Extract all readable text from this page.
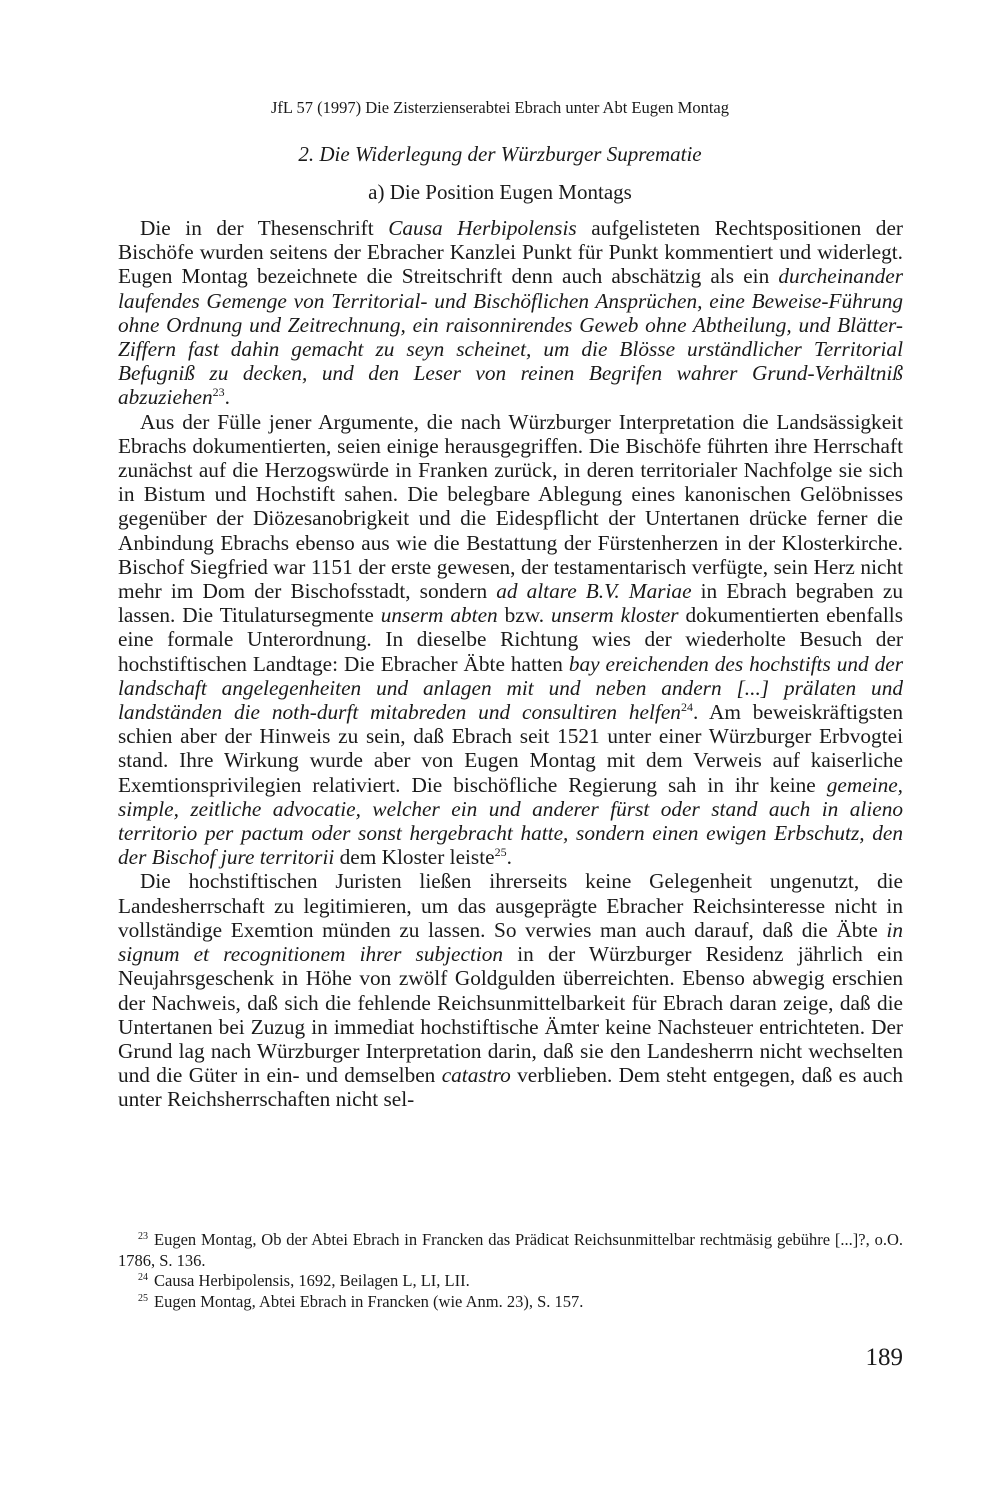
JfL 57 (1997) Die Zisterzienserabtei Ebrach unter Abt Eugen Montag
2. Die Widerlegung der Würzburger Suprematie
a) Die Position Eugen Montags

Die in der Thesenschrift Causa Herbipolensis aufgelisteten Rechtspositionen der Bischöfe wurden seitens der Ebracher Kanzlei Punkt für Punkt kommentiert und widerlegt. Eugen Montag bezeichnete die Streitschrift denn auch abschätzig als ein durcheinander laufendes Gemenge von Territorial- und Bischöflichen Ansprüchen, eine Beweise-Führung ohne Ordnung und Zeitrechnung, ein raisonnirendes Geweb ohne Abtheilung, und Blätter-Ziffern fast dahin gemacht zu seyn scheinet, um die Blösse urständlicher Territorial Befugniß zu decken, und den Leser von reinen Begrifen wahrer Grund-Verhältniß abzuziehen$^{23}$.

Aus der Fülle jener Argumente, die nach Würzburger Interpretation die Landsässigkeit Ebrachs dokumentierten, seien einige herausgegriffen. Die Bischöfe führten ihre Herrschaft zunächst auf die Herzogswürde in Franken zurück, in deren territorialer Nachfolge sie sich in Bistum und Hochstift sahen. Die belegbare Ablegung eines kanonischen Gelöbnisses gegenüber der Diözesanobrigkeit und die Eidespflicht der Untertanen drücke ferner die Anbindung Ebrachs ebenso aus wie die Bestattung der Fürstenherzen in der Klosterkirche. Bischof Siegfried war 1151 der erste gewesen, der testamentarisch verfügte, sein Herz nicht mehr im Dom der Bischofsstadt, sondern ad altare B.V. Mariae in Ebrach begraben zu lassen. Die Titulatursegmente unserm abten bzw. unserm kloster dokumentierten ebenfalls eine formale Unterordnung. In dieselbe Richtung wies der wiederholte Besuch der hochstiftischen Landtage: Die Ebracher Äbte hatten bay ereichenden des hochstifts und der landschaft angelegenheiten und anlagen mit und neben andern [...] prälaten und landständen die noth-durft mitabreden und consultiren helfen$^{24}$. Am beweiskräftigsten schien aber der Hinweis zu sein, daß Ebrach seit 1521 unter einer Würzburger Erbvogtei stand. Ihre Wirkung wurde aber von Eugen Montag mit dem Verweis auf kaiserliche Exemtionsprivilegien relativiert. Die bischöfliche Regierung sah in ihr keine gemeine, simple, zeitliche advocatie, welcher ein und anderer fürst oder stand auch in alieno territorio per pactum oder sonst hergebracht hatte, sondern einen ewigen Erbschutz, den der Bischof jure territorii dem Kloster leiste$^{25}$.

Die hochstiftischen Juristen ließen ihrerseits keine Gelegenheit ungenutzt, die Landesherrschaft zu legitimieren, um das ausgeprägte Ebracher Reichsinteresse nicht in vollständige Exemtion münden zu lassen. So verwies man auch darauf, daß die Äbte in signum et recognitionem ihrer subjection in der Würzburger Residenz jährlich ein Neujahrsgeschenk in Höhe von zwölf Goldgulden überreichten. Ebenso abwegig erschien der Nachweis, daß sich die fehlende Reichsunmittelbarkeit für Ebrach daran zeige, daß die Untertanen bei Zuzug in immediat hochstiftische Ämter keine Nachsteuer entrichteten. Der Grund lag nach Würzburger Interpretation darin, daß sie den Landesherrn nicht wechselten und die Güter in ein- und demselben catastro verblieben. Dem steht entgegen, daß es auch unter Reichsherrschaften nicht sel-

$^{23}$ Eugen Montag, Ob der Abtei Ebrach in Francken das Prädicat Reichsunmittelbar rechtmäsig gebühre [...]?, o.O. 1786, S. 136.

$^{24}$ Causa Herbipolensis, 1692, Beilagen L, LI, LII.

$^{25}$ Eugen Montag, Abtei Ebrach in Francken (wie Anm. 23), S. 157.

189
